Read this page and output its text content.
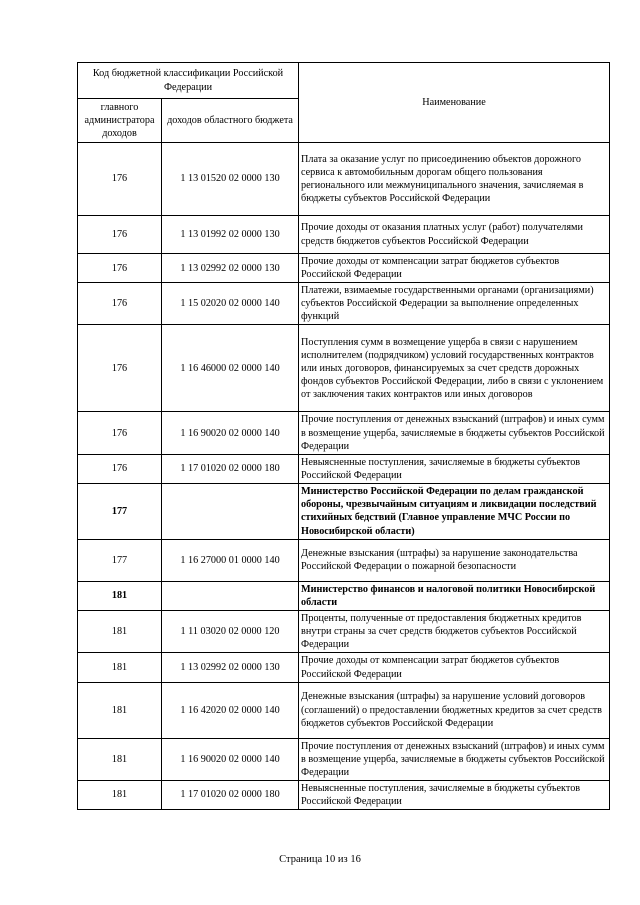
Код бюджетной классификации Российской Федерации		Наименование
главного администратора доходов	доходов областного бюджета	
176	1 13 01520 02 0000 130	Плата за оказание услуг по присоединению объектов дорожного сервиса к автомобильным дорогам общего пользования регионального или межмуниципального значения, зачисляемая в бюджеты субъектов Российской Федерации
176	1 13 01992 02 0000 130	Прочие доходы от оказания платных услуг (работ) получателями средств бюджетов субъектов Российской Федерации
176	1 13 02992 02 0000 130	Прочие доходы от компенсации затрат бюджетов субъектов Российской Федерации
176	1 15 02020 02 0000 140	Платежи, взимаемые государственными органами (организациями) субъектов Российской Федерации за выполнение определенных функций
176	1 16 46000 02 0000 140	Поступления сумм в возмещение ущерба в связи с нарушением исполнителем (подрядчиком) условий государственных контрактов или иных договоров, финансируемых за счет средств дорожных фондов субъектов Российской Федерации, либо в связи с уклонением от заключения таких контрактов или иных договоров
176	1 16 90020 02 0000 140	Прочие поступления от денежных взысканий (штрафов) и иных сумм в возмещение ущерба, зачисляемые в бюджеты субъектов Российской Федерации
176	1 17 01020 02 0000 180	Невыясненные поступления, зачисляемые в бюджеты субъектов Российской Федерации
177		Министерство Российской Федерации по делам гражданской обороны, чрезвычайным ситуациям и ликвидации последствий стихийных бедствий (Главное управление МЧС России по Новосибирской области)
177	1 16 27000 01 0000 140	Денежные взыскания (штрафы) за нарушение законодательства Российской Федерации о пожарной безопасности
181		Министерство финансов и налоговой политики Новосибирской области
181	1 11 03020 02 0000 120	Проценты, полученные от предоставления бюджетных кредитов внутри страны за счет средств бюджетов субъектов Российской Федерации
181	1 13 02992 02 0000 130	Прочие доходы от компенсации затрат бюджетов субъектов Российской Федерации
181	1 16 42020 02 0000 140	Денежные взыскания (штрафы) за нарушение условий договоров (соглашений) о предоставлении бюджетных кредитов за счет средств бюджетов субъектов Российской Федерации
181	1 16 90020 02 0000 140	Прочие поступления от денежных взысканий (штрафов) и иных сумм в возмещение ущерба, зачисляемые в бюджеты субъектов Российской Федерации
181	1 17 01020 02 0000 180	Невыясненные поступления, зачисляемые в бюджеты субъектов Российской Федерации
Страница 10 из 16
